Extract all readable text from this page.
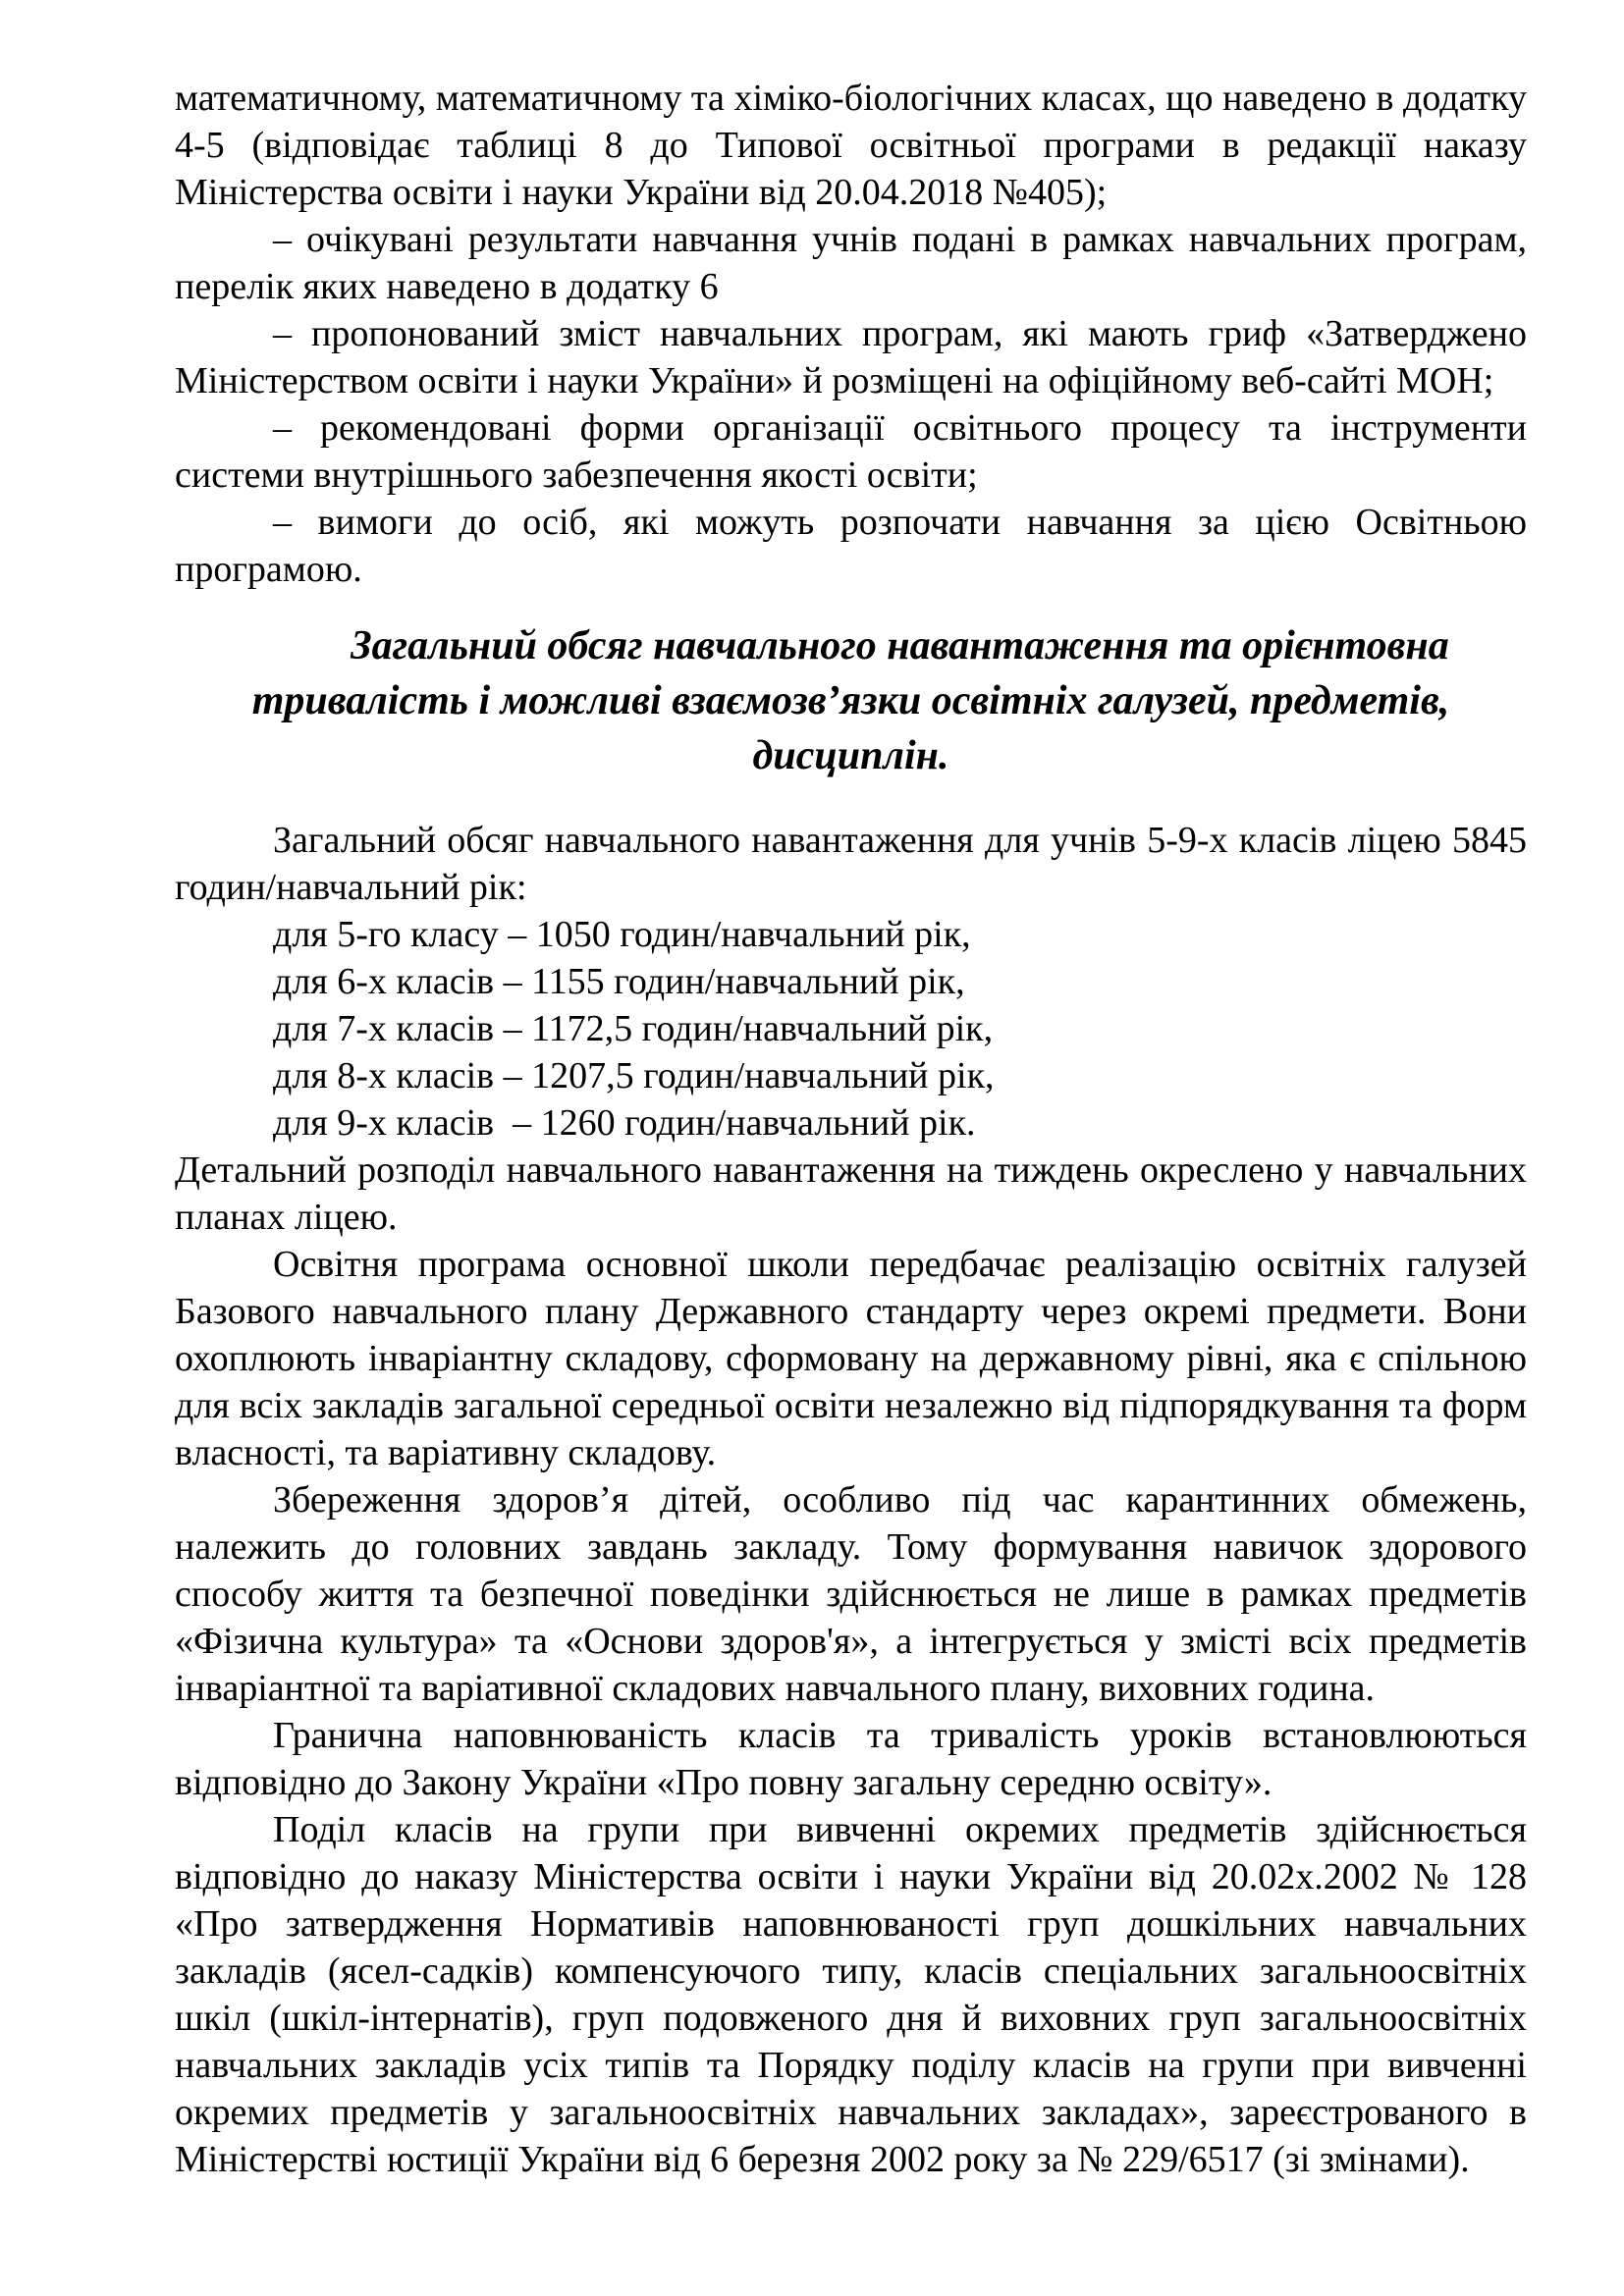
математичному, математичному та хіміко-біологічних класах, що наведено в додатку 4-5 (відповідає таблиці 8 до Типової освітньої програми в редакції наказу Міністерства освіти і науки України від 20.04.2018 №405);

– очікувані результати навчання учнів подані в рамках навчальних програм, перелік яких наведено в додатку 6

– пропонований зміст навчальних програм, які мають гриф «Затверджено Міністерством освіти і науки України» й розміщені на офіційному веб-сайті МОН;

– рекомендовані форми організації освітнього процесу та інструменти системи внутрішнього забезпечення якості освіти;

– вимоги до осіб, які можуть розпочати навчання за цією Освітньою програмою.

Загальний обсяг навчального навантаження та орієнтовна тривалість і можливі взаємозв’язки освітніх галузей, предметів, дисциплін.

Загальний обсяг навчального навантаження для учнів 5-9-х класів ліцею 5845 годин/навчальний рік:

для 5-го класу – 1050 годин/навчальний рік,

для 6-х класів – 1155 годин/навчальний рік,

для 7-х класів – 1172,5 годин/навчальний рік,

для 8-х класів – 1207,5 годин/навчальний рік,

для 9-х класів  – 1260 годин/навчальний рік.

Детальний розподіл навчального навантаження на тиждень окреслено у навчальних планах ліцею.

Освітня програма основної школи передбачає реалізацію освітніх галузей Базового навчального плану Державного стандарту через окремі предмети. Вони охоплюють інваріантну складову, сформовану на державному рівні, яка є спільною для всіх закладів загальної середньої освіти незалежно від підпорядкування та форм власності, та варіативну складову.

Збереження здоров’я дітей, особливо під час карантинних обмежень, належить до головних завдань закладу. Тому формування навичок здорового способу життя та безпечної поведінки здійснюється не лише в рамках предметів «Фізична культура» та «Основи здоров'я», а інтегрується у змісті всіх предметів інваріантної та варіативної складових навчального плану, виховних година.

Гранична наповнюваність класів та тривалість уроків встановлюються відповідно до Закону України «Про повну загальну середню освіту».

Поділ класів на групи при вивченні окремих предметів здійснюється відповідно до наказу Міністерства освіти і науки України від 20.02х.2002 № 128 «Про затвердження Нормативів наповнюваності груп дошкільних навчальних закладів (ясел-садків) компенсуючого типу, класів спеціальних загальноосвітніх шкіл (шкіл-інтернатів), груп подовженого дня й виховних груп загальноосвітніх навчальних закладів усіх типів та Порядку поділу класів на групи при вивченні окремих предметів у загальноосвітніх навчальних закладах», зареєстрованого в Міністерстві юстиції України від 6 березня 2002 року за № 229/6517 (зі змінами).
